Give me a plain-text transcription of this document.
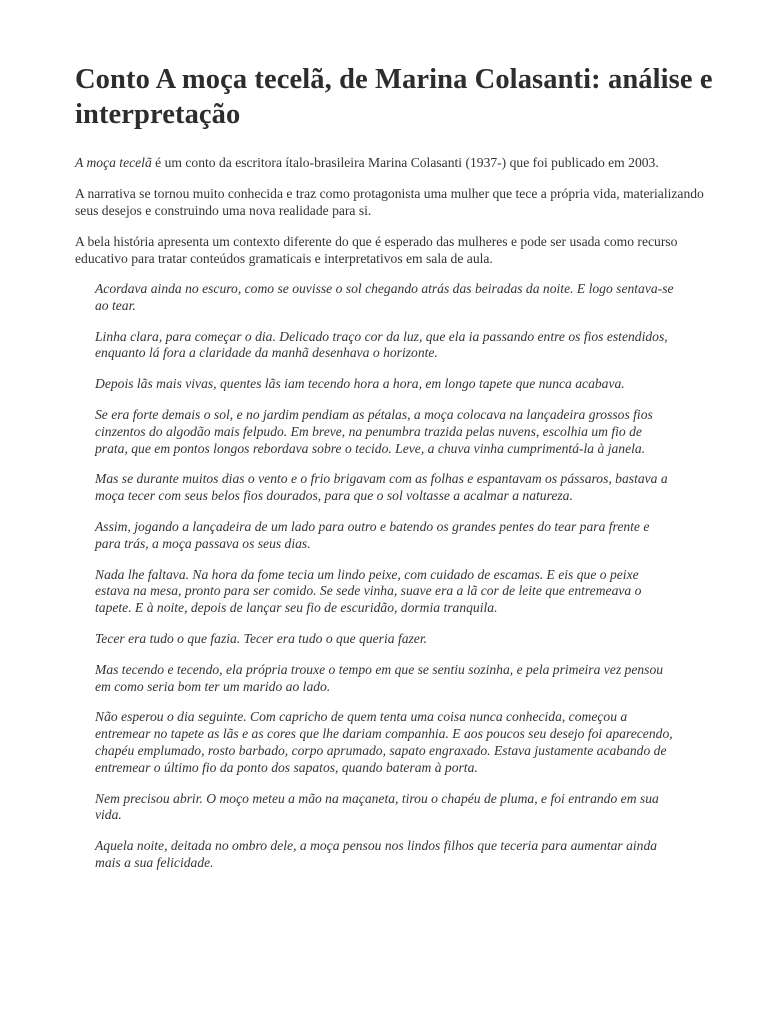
Conto A moça tecelã, de Marina Colasanti: análise e interpretação

A moça tecelã é um conto da escritora ítalo-brasileira Marina Colasanti (1937-) que foi publicado em 2003.

A narrativa se tornou muito conhecida e traz como protagonista uma mulher que tece a própria vida, materializando seus desejos e construindo uma nova realidade para si.

A bela história apresenta um contexto diferente do que é esperado das mulheres e pode ser usada como recurso educativo para tratar conteúdos gramaticais e interpretativos em sala de aula.

Acordava ainda no escuro, como se ouvisse o sol chegando atrás das beiradas da noite. E logo sentava-se ao tear.

Linha clara, para começar o dia. Delicado traço cor da luz, que ela ia passando entre os fios estendidos, enquanto lá fora a claridade da manhã desenhava o horizonte.

Depois lãs mais vivas, quentes lãs iam tecendo hora a hora, em longo tapete que nunca acabava.

Se era forte demais o sol, e no jardim pendiam as pétalas, a moça colocava na lançadeira grossos fios cinzentos do algodão mais felpudo. Em breve, na penumbra trazida pelas nuvens, escolhia um fio de prata, que em pontos longos rebordava sobre o tecido. Leve, a chuva vinha cumprimentá-la à janela.

Mas se durante muitos dias o vento e o frio brigavam com as folhas e espantavam os pássaros, bastava a moça tecer com seus belos fios dourados, para que o sol voltasse a acalmar a natureza.

Assim, jogando a lançadeira de um lado para outro e batendo os grandes pentes do tear para frente e para trás, a moça passava os seus dias.

Nada lhe faltava. Na hora da fome tecia um lindo peixe, com cuidado de escamas. E eis que o peixe estava na mesa, pronto para ser comido. Se sede vinha, suave era a lã cor de leite que entremeava o tapete. E à noite, depois de lançar seu fio de escuridão, dormia tranquila.

Tecer era tudo o que fazia. Tecer era tudo o que queria fazer.

Mas tecendo e tecendo, ela própria trouxe o tempo em que se sentiu sozinha, e pela primeira vez pensou em como seria bom ter um marido ao lado.

Não esperou o dia seguinte. Com capricho de quem tenta uma coisa nunca conhecida, começou a entremear no tapete as lãs e as cores que lhe dariam companhia. E aos poucos seu desejo foi aparecendo, chapéu emplumado, rosto barbado, corpo aprumado, sapato engraxado. Estava justamente acabando de entremear o último fio da ponto dos sapatos, quando bateram à porta.

Nem precisou abrir. O moço meteu a mão na maçaneta, tirou o chapéu de pluma, e foi entrando em sua vida.

Aquela noite, deitada no ombro dele, a moça pensou nos lindos filhos que teceria para aumentar ainda mais a sua felicidade.
